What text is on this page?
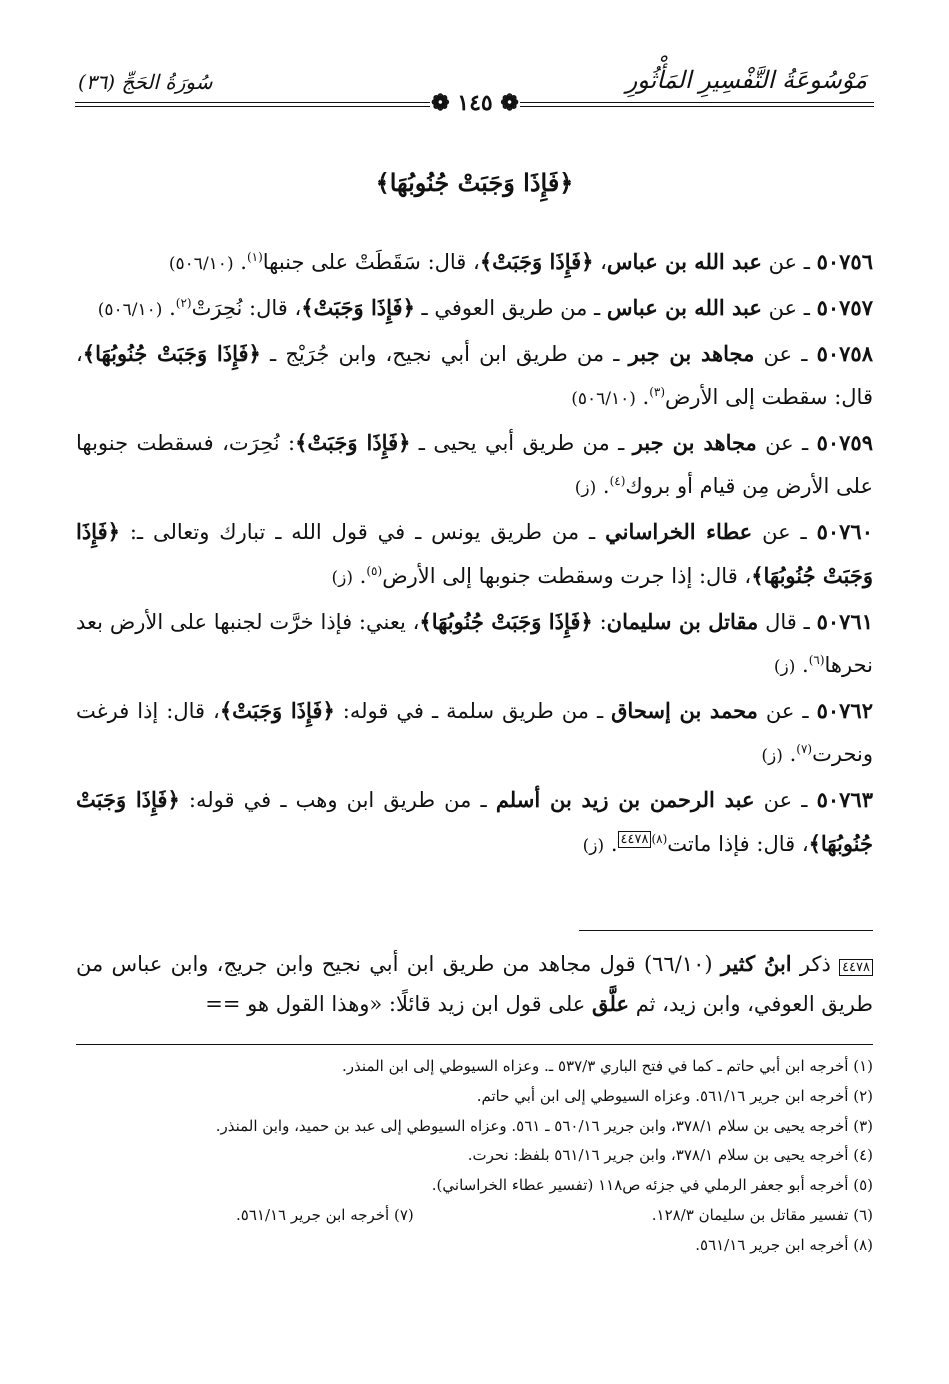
مَوْسُوعَةُ التَّفْسِيرِ المَأْثُورِ
سُورَةُ الحَجِّ (٣٦)
❁ ١٤٥ ❁
﴿فَإِذَا وَجَبَتْ جُنُوبُهَا﴾
٥٠٧٥٦ ـ عن عبد الله بن عباس، ﴿فَإِذَا وَجَبَتْ﴾، قال: سَقَطَتْ على جنبها$^{(١)}$. (٥٠٦/١٠)
٥٠٧٥٧ ـ عن عبد الله بن عباس ـ من طريق العوفي ـ ﴿فَإِذَا وَجَبَتْ﴾، قال: نُحِرَتْ$^{(٢)}$. (٥٠٦/١٠)
٥٠٧٥٨ ـ عن مجاهد بن جبر ـ من طريق ابن أبي نجيح، وابن جُرَيْج ـ ﴿فَإِذَا وَجَبَتْ جُنُوبُهَا﴾، قال: سقطت إلى الأرض$^{(٣)}$. (٥٠٦/١٠)
٥٠٧٥٩ ـ عن مجاهد بن جبر ـ من طريق أبي يحيى ـ ﴿فَإِذَا وَجَبَتْ﴾: نُحِرَت، فسقطت جنوبها على الأرض مِن قيام أو بروك$^{(٤)}$. (ز)
٥٠٧٦٠ ـ عن عطاء الخراساني ـ من طريق يونس ـ في قول الله ـ تبارك وتعالى ـ: ﴿فَإِذَا وَجَبَتْ جُنُوبُهَا﴾، قال: إذا جرت وسقطت جنوبها إلى الأرض$^{(٥)}$. (ز)
٥٠٧٦١ ـ قال مقاتل بن سليمان: ﴿فَإِذَا وَجَبَتْ جُنُوبُهَا﴾، يعني: فإذا خرَّت لجنبها على الأرض بعد نحرها$^{(٦)}$. (ز)
٥٠٧٦٢ ـ عن محمد بن إسحاق ـ من طريق سلمة ـ في قوله: ﴿فَإِذَا وَجَبَتْ﴾، قال: إذا فرغت ونحرت$^{(٧)}$. (ز)
٥٠٧٦٣ ـ عن عبد الرحمن بن زيد بن أسلم ـ من طريق ابن وهب ـ في قوله: ﴿فَإِذَا وَجَبَتْ جُنُوبُهَا﴾، قال: فإذا ماتت$^{(٨)٤٤٧٨}$. (ز)
٤٤٧٨ ذكر ابنُ كثير (٦٦/١٠) قول مجاهد من طريق ابن أبي نجيح وابن جريج، وابن عباس من طريق العوفي، وابن زيد، ثم علَّق على قول ابن زيد قائلًا: «وهذا القول هو ==

(١) أخرجه ابن أبي حاتم ـ كما في فتح الباري ٥٣٧/٣ ـ. وعزاه السيوطي إلى ابن المنذر.

(٢) أخرجه ابن جرير ٥٦١/١٦. وعزاه السيوطي إلى ابن أبي حاتم.

(٣) أخرجه يحيى بن سلام ٣٧٨/١، وابن جرير ٥٦٠/١٦ ـ ٥٦١. وعزاه السيوطي إلى عبد بن حميد، وابن المنذر.

(٤) أخرجه يحيى بن سلام ٣٧٨/١، وابن جرير ٥٦١/١٦ بلفظ: نحرت.

(٥) أخرجه أبو جعفر الرملي في جزئه ص١١٨ (تفسير عطاء الخراساني).

(٦) تفسير مقاتل بن سليمان ١٢٨/٣.
(٧) أخرجه ابن جرير ٥٦١/١٦.

(٨) أخرجه ابن جرير ٥٦١/١٦.
